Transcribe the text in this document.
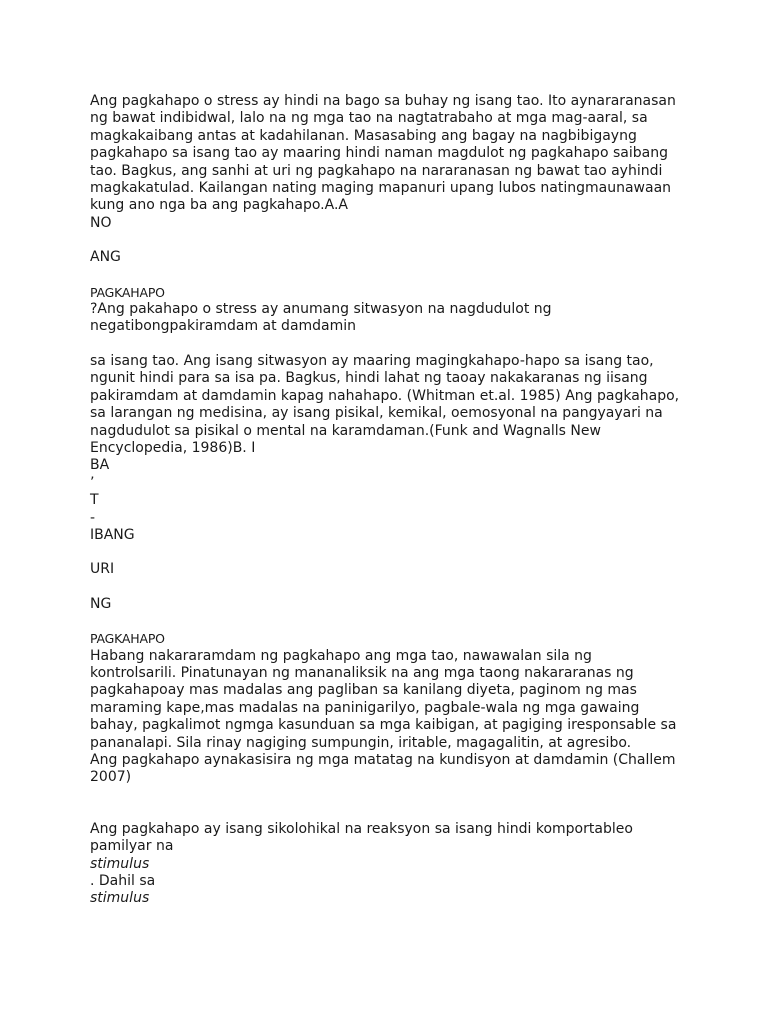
Ang pagkahapo o stress ay hindi na bago sa buhay ng isang tao. Ito aynararanasan
ng bawat indibidwal, lalo na ng mga tao na nagtatrabaho at mga mag-aaral, sa
magkakaibang antas at kadahilanan. Masasabing ang bagay na nagbibigayng
pagkahapo sa isang tao ay maaring hindi naman magdulot ng pagkahapo saibang
tao. Bagkus, ang sanhi at uri ng pagkahapo na nararanasan ng bawat tao ayhindi
magkakatulad. Kailangan nating maging mapanuri upang lubos natingmaunawaan
kung ano nga ba ang pagkahapo.A.A
NO
ANG
PAGKAHAPO
?Ang pakahapo o stress ay anumang sitwasyon na nagdudulot ng
negatibongpakiramdam at damdamin
sa isang tao. Ang isang sitwasyon ay maaring magingkahapo-hapo sa isang tao,
ngunit hindi para sa isa pa. Bagkus, hindi lahat ng taoay nakakaranas ng iisang
pakiramdam at damdamin kapag nahahapo. (Whitman et.al. 1985) Ang pagkahapo,
sa larangan ng medisina, ay isang pisikal, kemikal, oemosyonal na pangyayari na
nagdudulot sa pisikal o mental na karamdaman.(Funk and Wagnalls New
Encyclopedia, 1986)B. I
BA
’
T
-
IBANG
URI
NG
PAGKAHAPO
Habang nakararamdam ng pagkahapo ang mga tao, nawawalan sila ng
kontrolsarili. Pinatunayan ng mananaliksik na ang mga taong nakararanas ng
pagkahapoay mas madalas ang pagliban sa kanilang diyeta, paginom ng mas
maraming kape,mas madalas na paninigarilyo, pagbale-wala ng mga gawaing
bahay, pagkalimot ngmga kasunduan sa mga kaibigan, at pagiging iresponsable sa
pananalapi. Sila rinay nagiging sumpungin, iritable, magagalitin, at agresibo.
Ang pagkahapo aynakasisira ng mga matatag na kundisyon at damdamin (Challem
2007)
Ang pagkahapo ay isang sikolohikal na reaksyon sa isang hindi komportableo
pamilyar na
stimulus
. Dahil sa
stimulus
